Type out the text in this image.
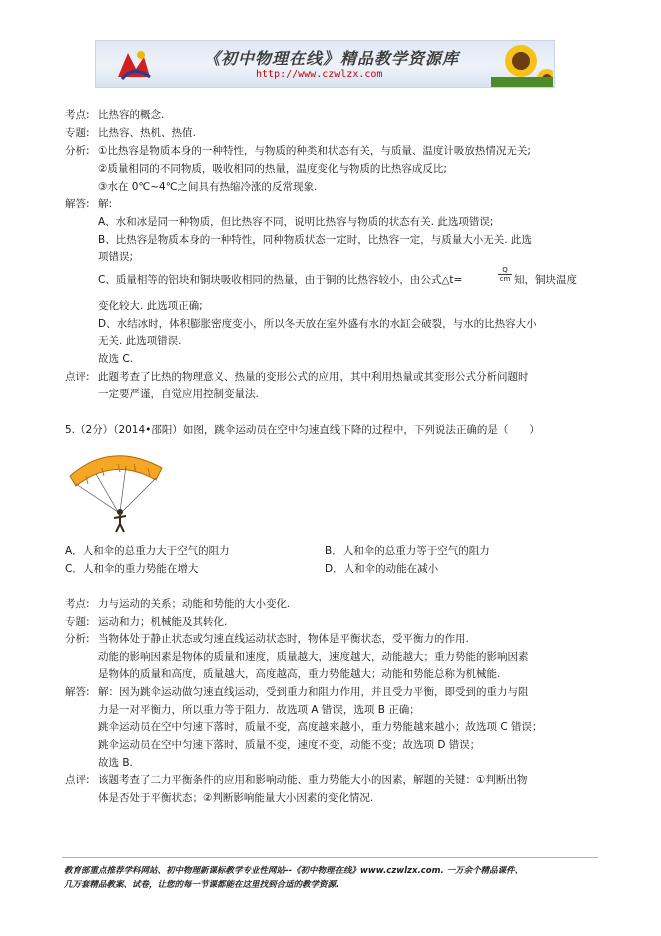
《初中物理在线》精品教学资源库
http://www.czwlzx.com
考点: 比热容的概念.
专题: 比热容、热机、热值.
分析: ①比热容是物质本身的一种特性，与物质的种类和状态有关，与质量、温度计吸放热情况无关;
②质量相同的不同物质，吸收相同的热量，温度变化与物质的比热容成反比;
③水在 0℃~4℃之间具有热缩冷涨的反常现象.
解答: 解:
A、水和冰是同一种物质，但比热容不同，说明比热容与物质的状态有关. 此选项错误;
B、比热容是物质本身的一种特性，同种物质状态一定时，比热容一定，与质量大小无关. 此选
项错误;
C、质量相等的铝块和铜块吸收相同的热量，由于铜的比热容较小，由公式△t=	$\frac{Q}{cm}$ 知，铜块温度
变化较大. 此选项正确;
D、水结冰时，体积膨胀密度变小，所以冬天放在室外盛有水的水缸会破裂，与水的比热容大小
无关. 此选项错误.
故选 C.
点评: 此题考查了比热的物理意义、热量的变形公式的应用，其中利用热量或其变形公式分析问题时
一定要严谨，自觉应用控制变量法.
5.（2分）（2014•邵阳）如图，跳伞运动员在空中匀速直线下降的过程中，下列说法正确的是（　　）
A．人和伞的总重力大于空气的阻力	B．人和伞的总重力等于空气的阻力
C．人和伞的重力势能在增大	D．人和伞的动能在减小
考点: 力与运动的关系；动能和势能的大小变化.
专题: 运动和力；机械能及其转化.
分析: 当物体处于静止状态或匀速直线运动状态时，物体是平衡状态，受平衡力的作用.
动能的影响因素是物体的质量和速度，质量越大，速度越大，动能越大；重力势能的影响因素
是物体的质量和高度，质量越大，高度越高，重力势能越大；动能和势能总称为机械能.
解答: 解：因为跳伞运动做匀速直线运动，受到重力和阻力作用，并且受力平衡，即受到的重力与阻
力是一对平衡力，所以重力等于阻力．故选项 A 错误，选项 B 正确；
跳伞运动员在空中匀速下落时，质量不变，高度越来越小，重力势能越来越小；故选项 C 错误；
跳伞运动员在空中匀速下落时，质量不变，速度不变，动能不变；故选项 D 错误；
故选 B.
点评: 该题考查了二力平衡条件的应用和影响动能、重力势能大小的因素，解题的关键：①判断出物
体是否处于平衡状态；②判断影响能量大小因素的变化情况.
教育部重点推荐学科网站、初中物理新课标教学专业性网站--《初中物理在线》www.czwlzx.com. 一万余个精品课件、
几万套精品教案、试卷，让您的每一节课都能在这里找到合适的教学资源.
